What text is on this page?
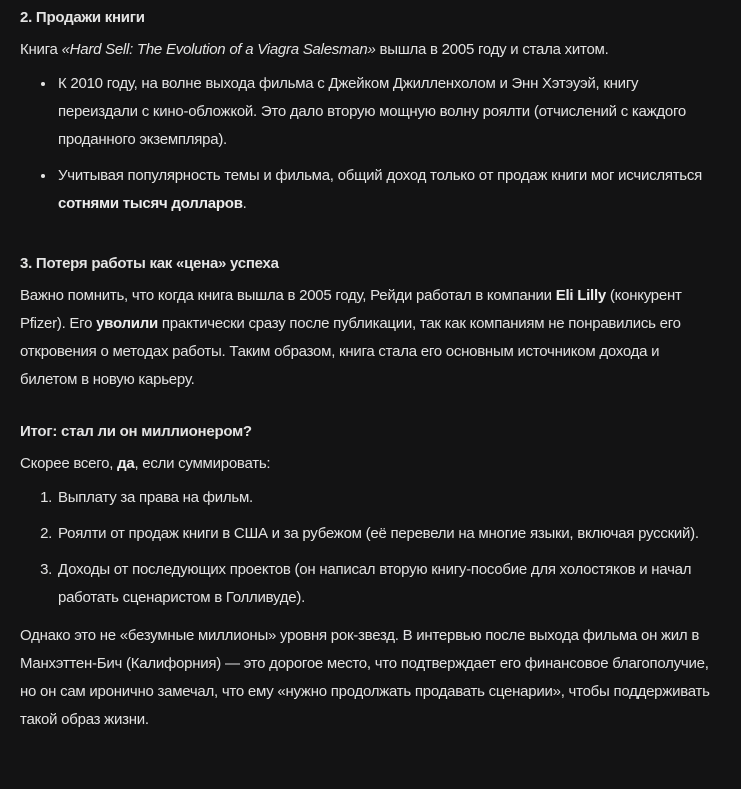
2. Продажи книги

Книга «Hard Sell: The Evolution of a Viagra Salesman» вышла в 2005 году и стала хитом.

• К 2010 году, на волне выхода фильма с Джейком Джилленхолом и Энн Хэтэуэй, книгу переиздали с кино-обложкой. Это дало вторую мощную волну роялти (отчислений с каждого проданного экземпляра).
• Учитывая популярность темы и фильма, общий доход только от продаж книги мог исчисляться сотнями тысяч долларов.
3. Потеря работы как «цена» успеха

Важно помнить, что когда книга вышла в 2005 году, Рейди работал в компании Eli Lilly (конкурент Pfizer). Его уволили практически сразу после публикации, так как компаниям не понравились его откровения о методах работы. Таким образом, книга стала его основным источником дохода и билетом в новую карьеру.

Итог: стал ли он миллионером?

Скорее всего, да, если суммировать:

1. Выплату за права на фильм.
2. Роялти от продаж книги в США и за рубежом (её перевели на многие языки, включая русский).
3. Доходы от последующих проектов (он написал вторую книгу-пособие для холостяков и начал работать сценаристом в Голливуде).

Однако это не «безумные миллионы» уровня рок-звезд. В интервью после выхода фильма он жил в Манхэттен-Бич (Калифорния) — это дорогое место, что подтверждает его финансовое благополучие, но он сам иронично замечал, что ему «нужно продолжать продавать сценарии», чтобы поддерживать такой образ жизни.
